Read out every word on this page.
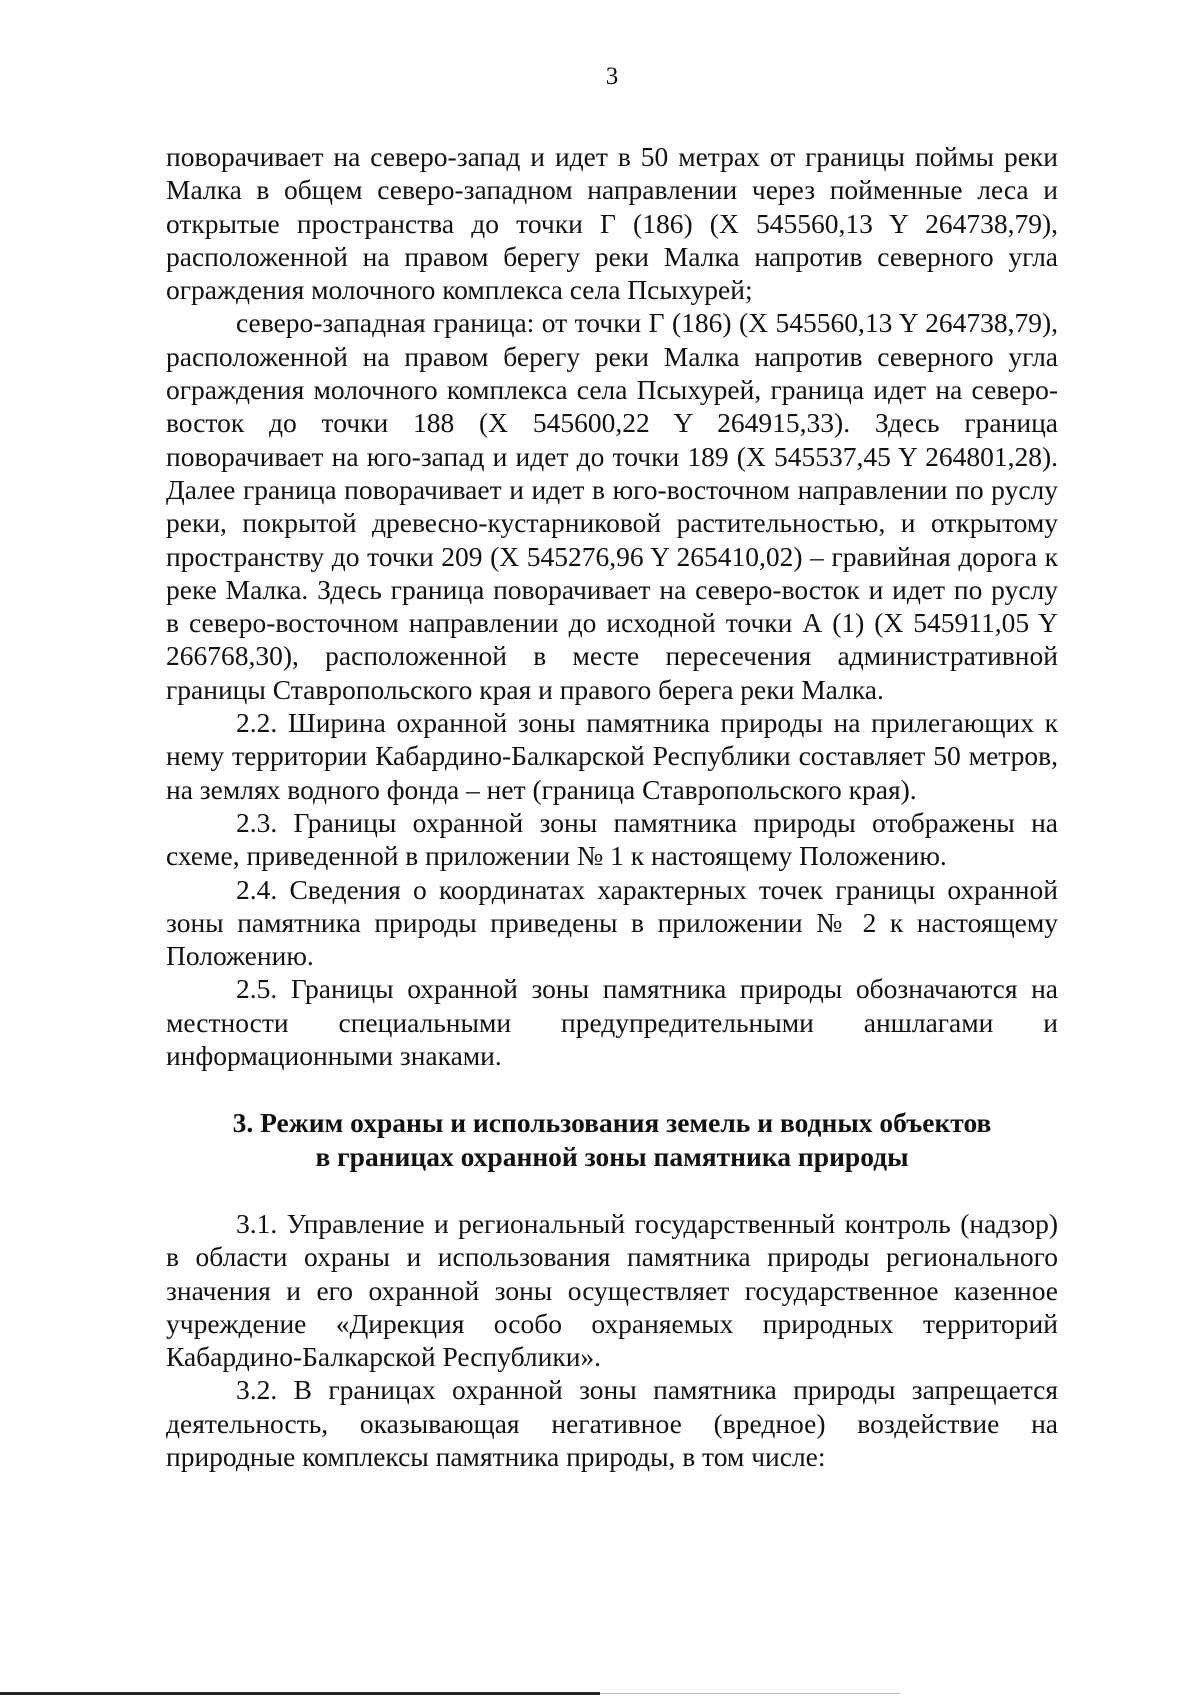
3

поворачивает на северо-запад и идет в 50 метрах от границы поймы реки Малка в общем северо-западном направлении через пойменные леса и открытые пространства до точки Г (186) (X 545560,13 Y 264738,79), расположенной на правом берегу реки Малка напротив северного угла ограждения молочного комплекса села Псыхурей;

северо-западная граница: от точки Г (186) (X 545560,13 Y 264738,79), расположенной на правом берегу реки Малка напротив северного угла ограждения молочного комплекса села Псыхурей, граница идет на северо-восток до точки 188 (X 545600,22 Y 264915,33). Здесь граница поворачивает на юго-запад и идет до точки 189 (X 545537,45 Y 264801,28). Далее граница поворачивает и идет в юго-восточном направлении по руслу реки, покрытой древесно-кустарниковой растительностью, и открытому пространству до точки 209 (X 545276,96 Y 265410,02) – гравийная дорога к реке Малка. Здесь граница поворачивает на северо-восток и идет по руслу в северо-восточном направлении до исходной точки А (1) (X 545911,05 Y 266768,30), расположенной в месте пересечения административной границы Ставропольского края и правого берега реки Малка.

2.2. Ширина охранной зоны памятника природы на прилегающих к нему территории Кабардино-Балкарской Республики составляет 50 метров, на землях водного фонда – нет (граница Ставропольского края).

2.3. Границы охранной зоны памятника природы отображены на схеме, приведенной в приложении № 1 к настоящему Положению.

2.4. Сведения о координатах характерных точек границы охранной зоны памятника природы приведены в приложении № 2 к настоящему Положению.

2.5. Границы охранной зоны памятника природы обозначаются на местности специальными предупредительными аншлагами и информационными знаками.

3. Режим охраны и использования земель и водных объектов
в границах охранной зоны памятника природы

3.1. Управление и региональный государственный контроль (надзор) в области охраны и использования памятника природы регионального значения и его охранной зоны осуществляет государственное казенное учреждение «Дирекция особо охраняемых природных территорий Кабардино-Балкарской Республики».

3.2. В границах охранной зоны памятника природы запрещается деятельность, оказывающая негативное (вредное) воздействие на природные комплексы памятника природы, в том числе:
